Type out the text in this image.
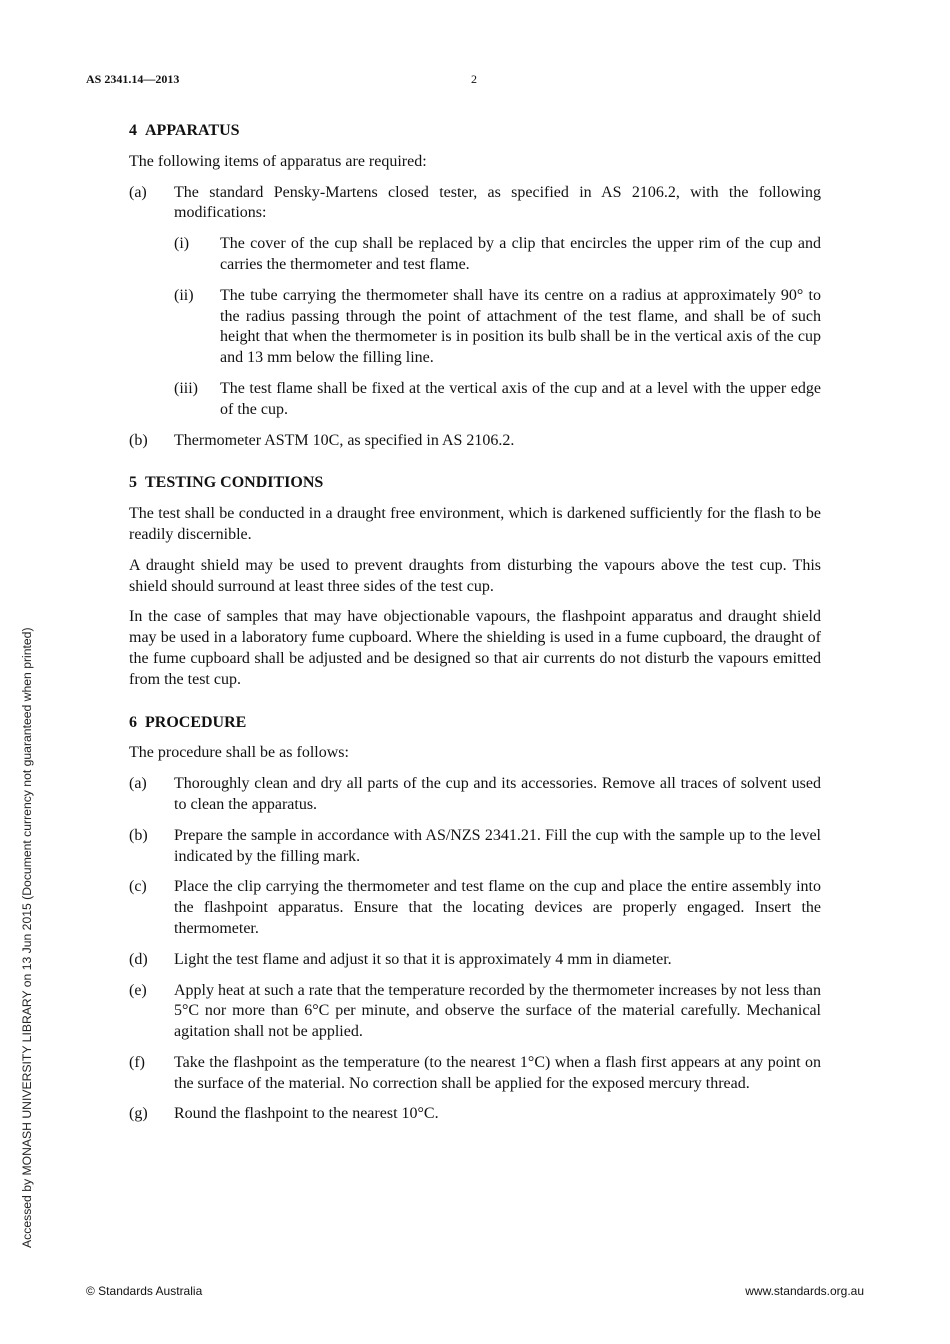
AS 2341.14—2013	2
4 APPARATUS

The following items of apparatus are required:

(a)	The standard Pensky-Martens closed tester, as specified in AS 2106.2, with the following modifications:
(i)	The cover of the cup shall be replaced by a clip that encircles the upper rim of the cup and carries the thermometer and test flame.
(ii)	The tube carrying the thermometer shall have its centre on a radius at approximately 90° to the radius passing through the point of attachment of the test flame, and shall be of such height that when the thermometer is in position its bulb shall be in the vertical axis of the cup and 13 mm below the filling line.
(iii)	The test flame shall be fixed at the vertical axis of the cup and at a level with the upper edge of the cup.
(b)	Thermometer ASTM 10C, as specified in AS 2106.2.
5 TESTING CONDITIONS

The test shall be conducted in a draught free environment, which is darkened sufficiently for the flash to be readily discernible.

A draught shield may be used to prevent draughts from disturbing the vapours above the test cup. This shield should surround at least three sides of the test cup.

In the case of samples that may have objectionable vapours, the flashpoint apparatus and draught shield may be used in a laboratory fume cupboard. Where the shielding is used in a fume cupboard, the draught of the fume cupboard shall be adjusted and be designed so that air currents do not disturb the vapours emitted from the test cup.

6 PROCEDURE

The procedure shall be as follows:

(a)	Thoroughly clean and dry all parts of the cup and its accessories. Remove all traces of solvent used to clean the apparatus.
(b)	Prepare the sample in accordance with AS/NZS 2341.21. Fill the cup with the sample up to the level indicated by the filling mark.
(c)	Place the clip carrying the thermometer and test flame on the cup and place the entire assembly into the flashpoint apparatus. Ensure that the locating devices are properly engaged. Insert the thermometer.
(d)	Light the test flame and adjust it so that it is approximately 4 mm in diameter.
(e)	Apply heat at such a rate that the temperature recorded by the thermometer increases by not less than 5°C nor more than 6°C per minute, and observe the surface of the material carefully. Mechanical agitation shall not be applied.
(f)	Take the flashpoint as the temperature (to the nearest 1°C) when a flash first appears at any point on the surface of the material. No correction shall be applied for the exposed mercury thread.
(g)	Round the flashpoint to the nearest 10°C.
Accessed by MONASH UNIVERSITY LIBRARY on 13 Jun 2015 (Document currency not guaranteed when printed)
© Standards Australia	www.standards.org.au
